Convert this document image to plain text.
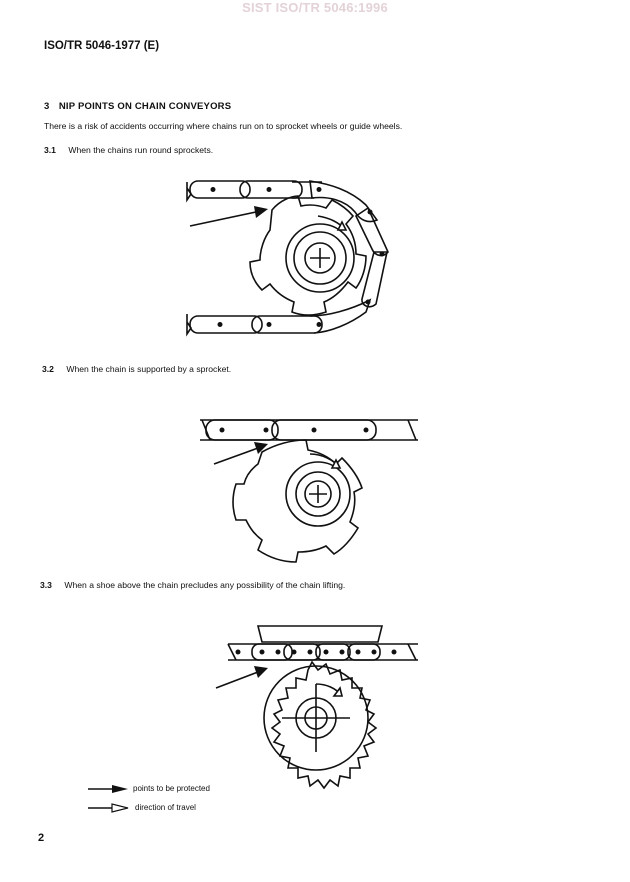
SIST ISO/TR 5046:1996
ISO/TR 5046-1977 (E)
3 NIP POINTS ON CHAIN CONVEYORS
There is a risk of accidents occurring where chains run on to sprocket wheels or guide wheels.
3.1 When the chains run round sprockets.
3.2 When the chain is supported by a sprocket.
3.3 When a shoe above the chain precludes any possibility of the chain lifting.
points to be protected
direction of travel
2
